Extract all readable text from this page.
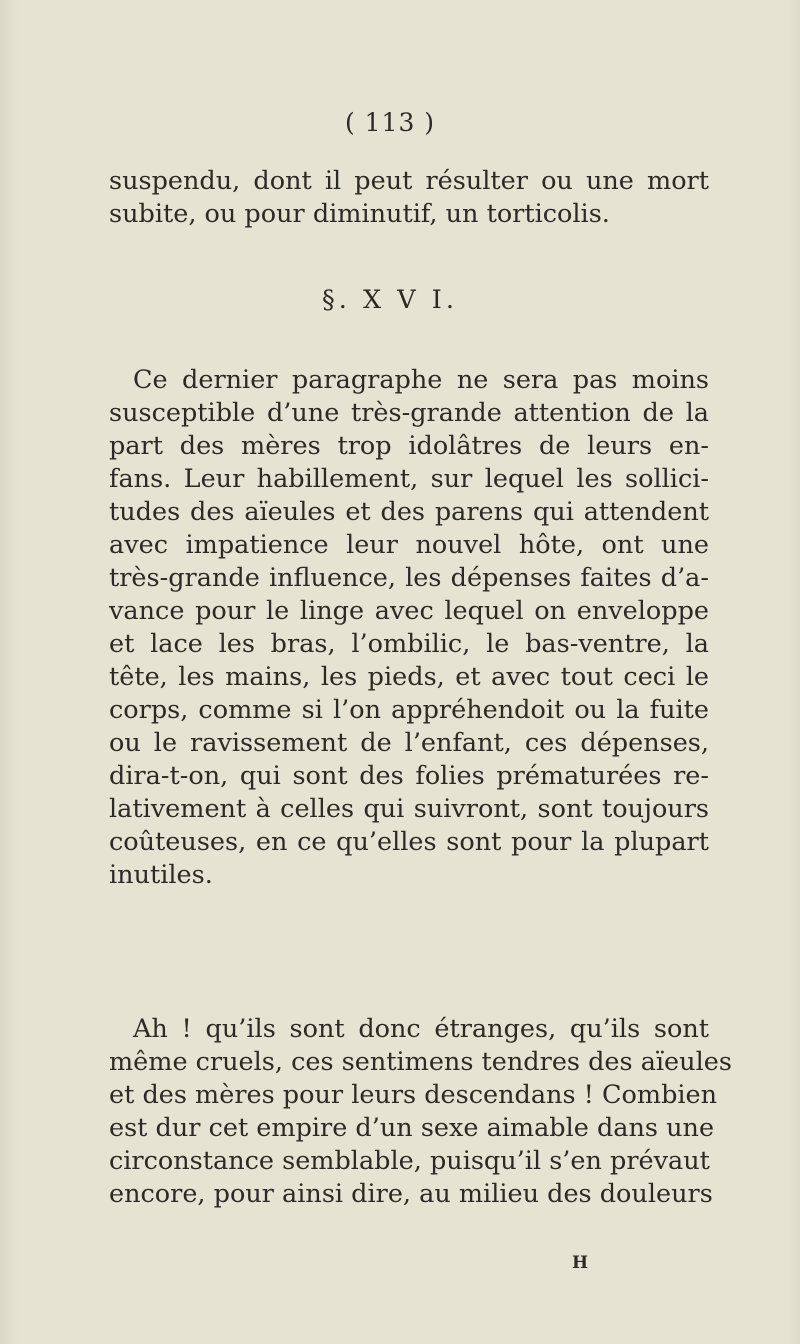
( 113 )
suspendu, dont il peut résulter ou une mort
subite, ou pour diminutif, un torticolis.
§. X V I.
Ce dernier paragraphe ne sera pas moins
susceptible d’une très-grande attention de la
part des mères trop idolâtres de leurs en-
fans. Leur habillement, sur lequel les sollici-
tudes des aïeules et des parens qui attendent
avec impatience leur nouvel hôte, ont une
très-grande influence, les dépenses faites d’a-
vance pour le linge avec lequel on enveloppe
et lace les bras, l’ombilic, le bas-ventre, la
tête, les mains, les pieds, et avec tout ceci le
corps, comme si l’on appréhendoit ou la fuite
ou le ravissement de l’enfant, ces dépenses,
dira-t-on, qui sont des folies prématurées re-
lativement à celles qui suivront, sont toujours
coûteuses, en ce qu’elles sont pour la plupart
inutiles.
Ah ! qu’ils sont donc étranges, qu’ils sont
même cruels, ces sentimens tendres des aïeules
et des mères pour leurs descendans ! Combien
est dur cet empire d’un sexe aimable dans une
circonstance semblable, puisqu’il s’en prévaut
encore, pour ainsi dire, au milieu des douleurs
H
